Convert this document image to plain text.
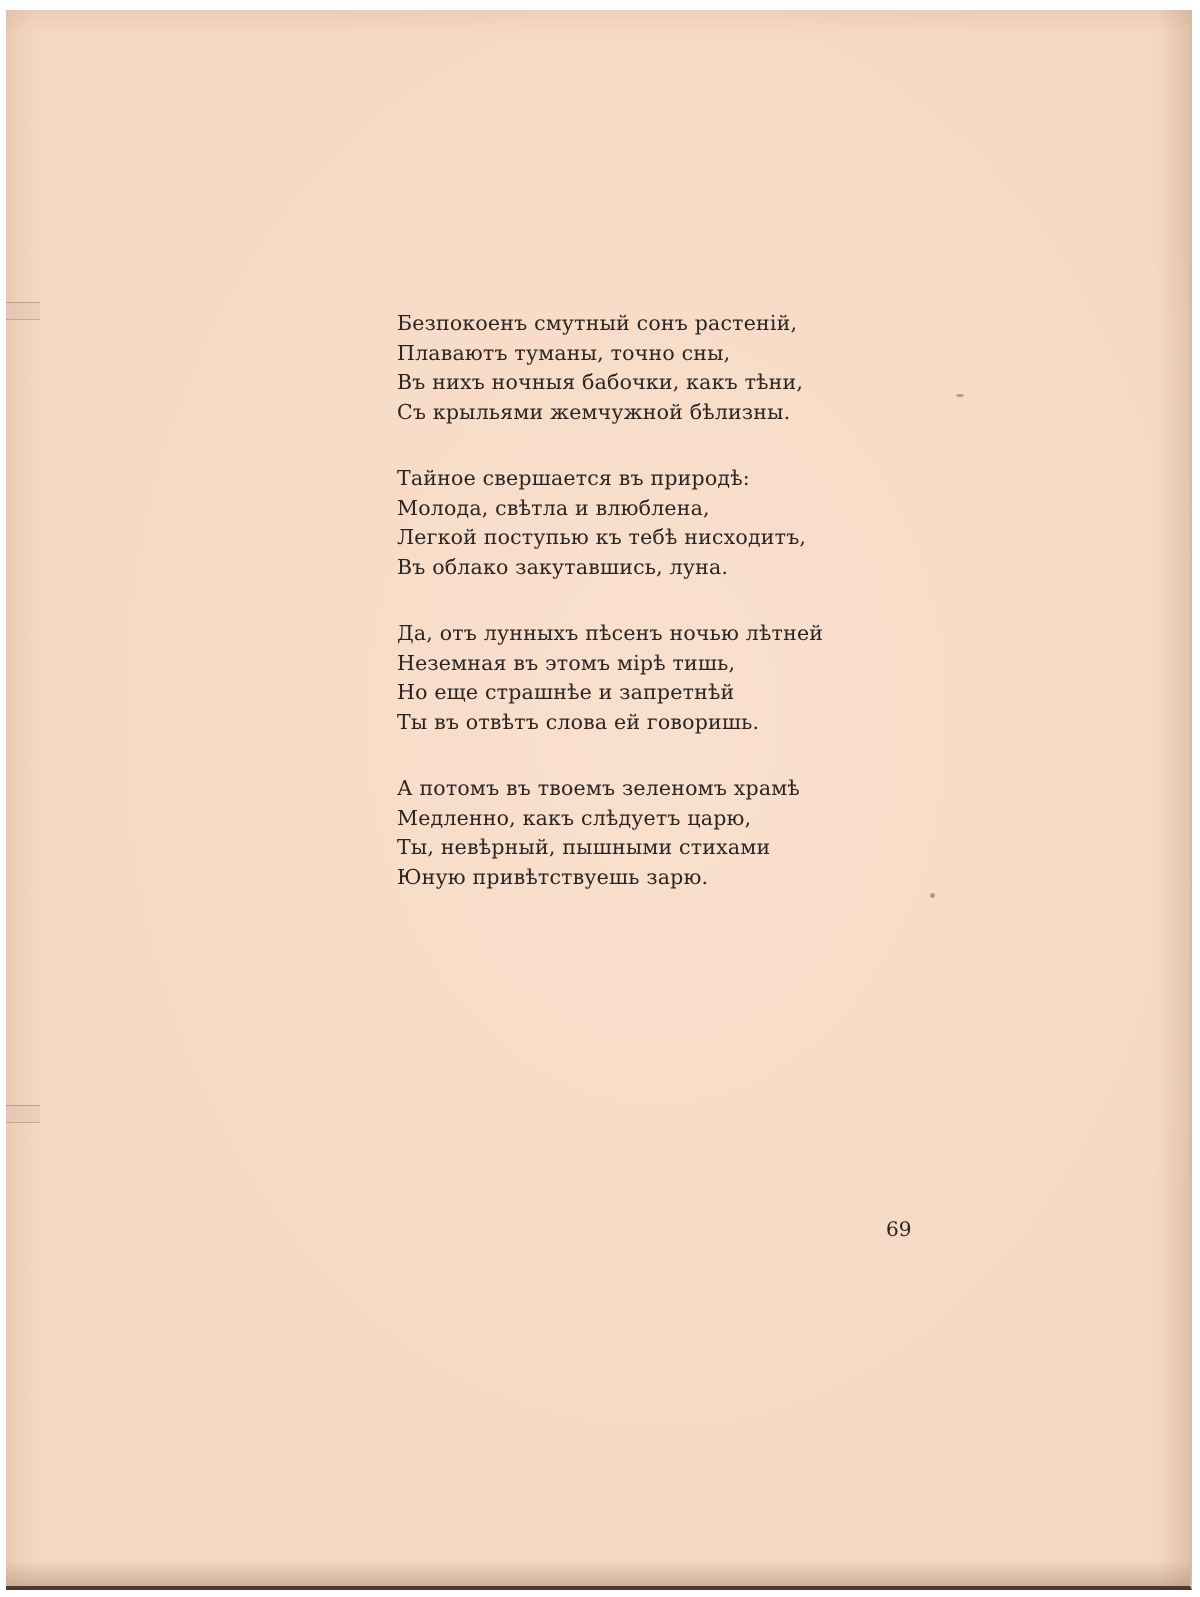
Безпокоенъ смутный сонъ растеній,
Плаваютъ туманы, точно сны,
Въ нихъ ночныя бабочки, какъ тѣни,
Съ крыльями жемчужной бѣлизны.
Тайное свершается въ природѣ:
Молода, свѣтла и влюблена,
Легкой поступью къ тебѣ нисходитъ,
Въ облако закутавшись, луна.
Да, отъ лунныхъ пѣсенъ ночью лѣтней
Неземная въ этомъ мірѣ тишь,
Но еще страшнѣе и запретнѣй
Ты въ отвѣтъ слова ей говоришь.
А потомъ въ твоемъ зеленомъ храмѣ
Медленно, какъ слѣдуетъ царю,
Ты, невѣрный, пышными стихами
Юную привѣтствуешь зарю.
69
